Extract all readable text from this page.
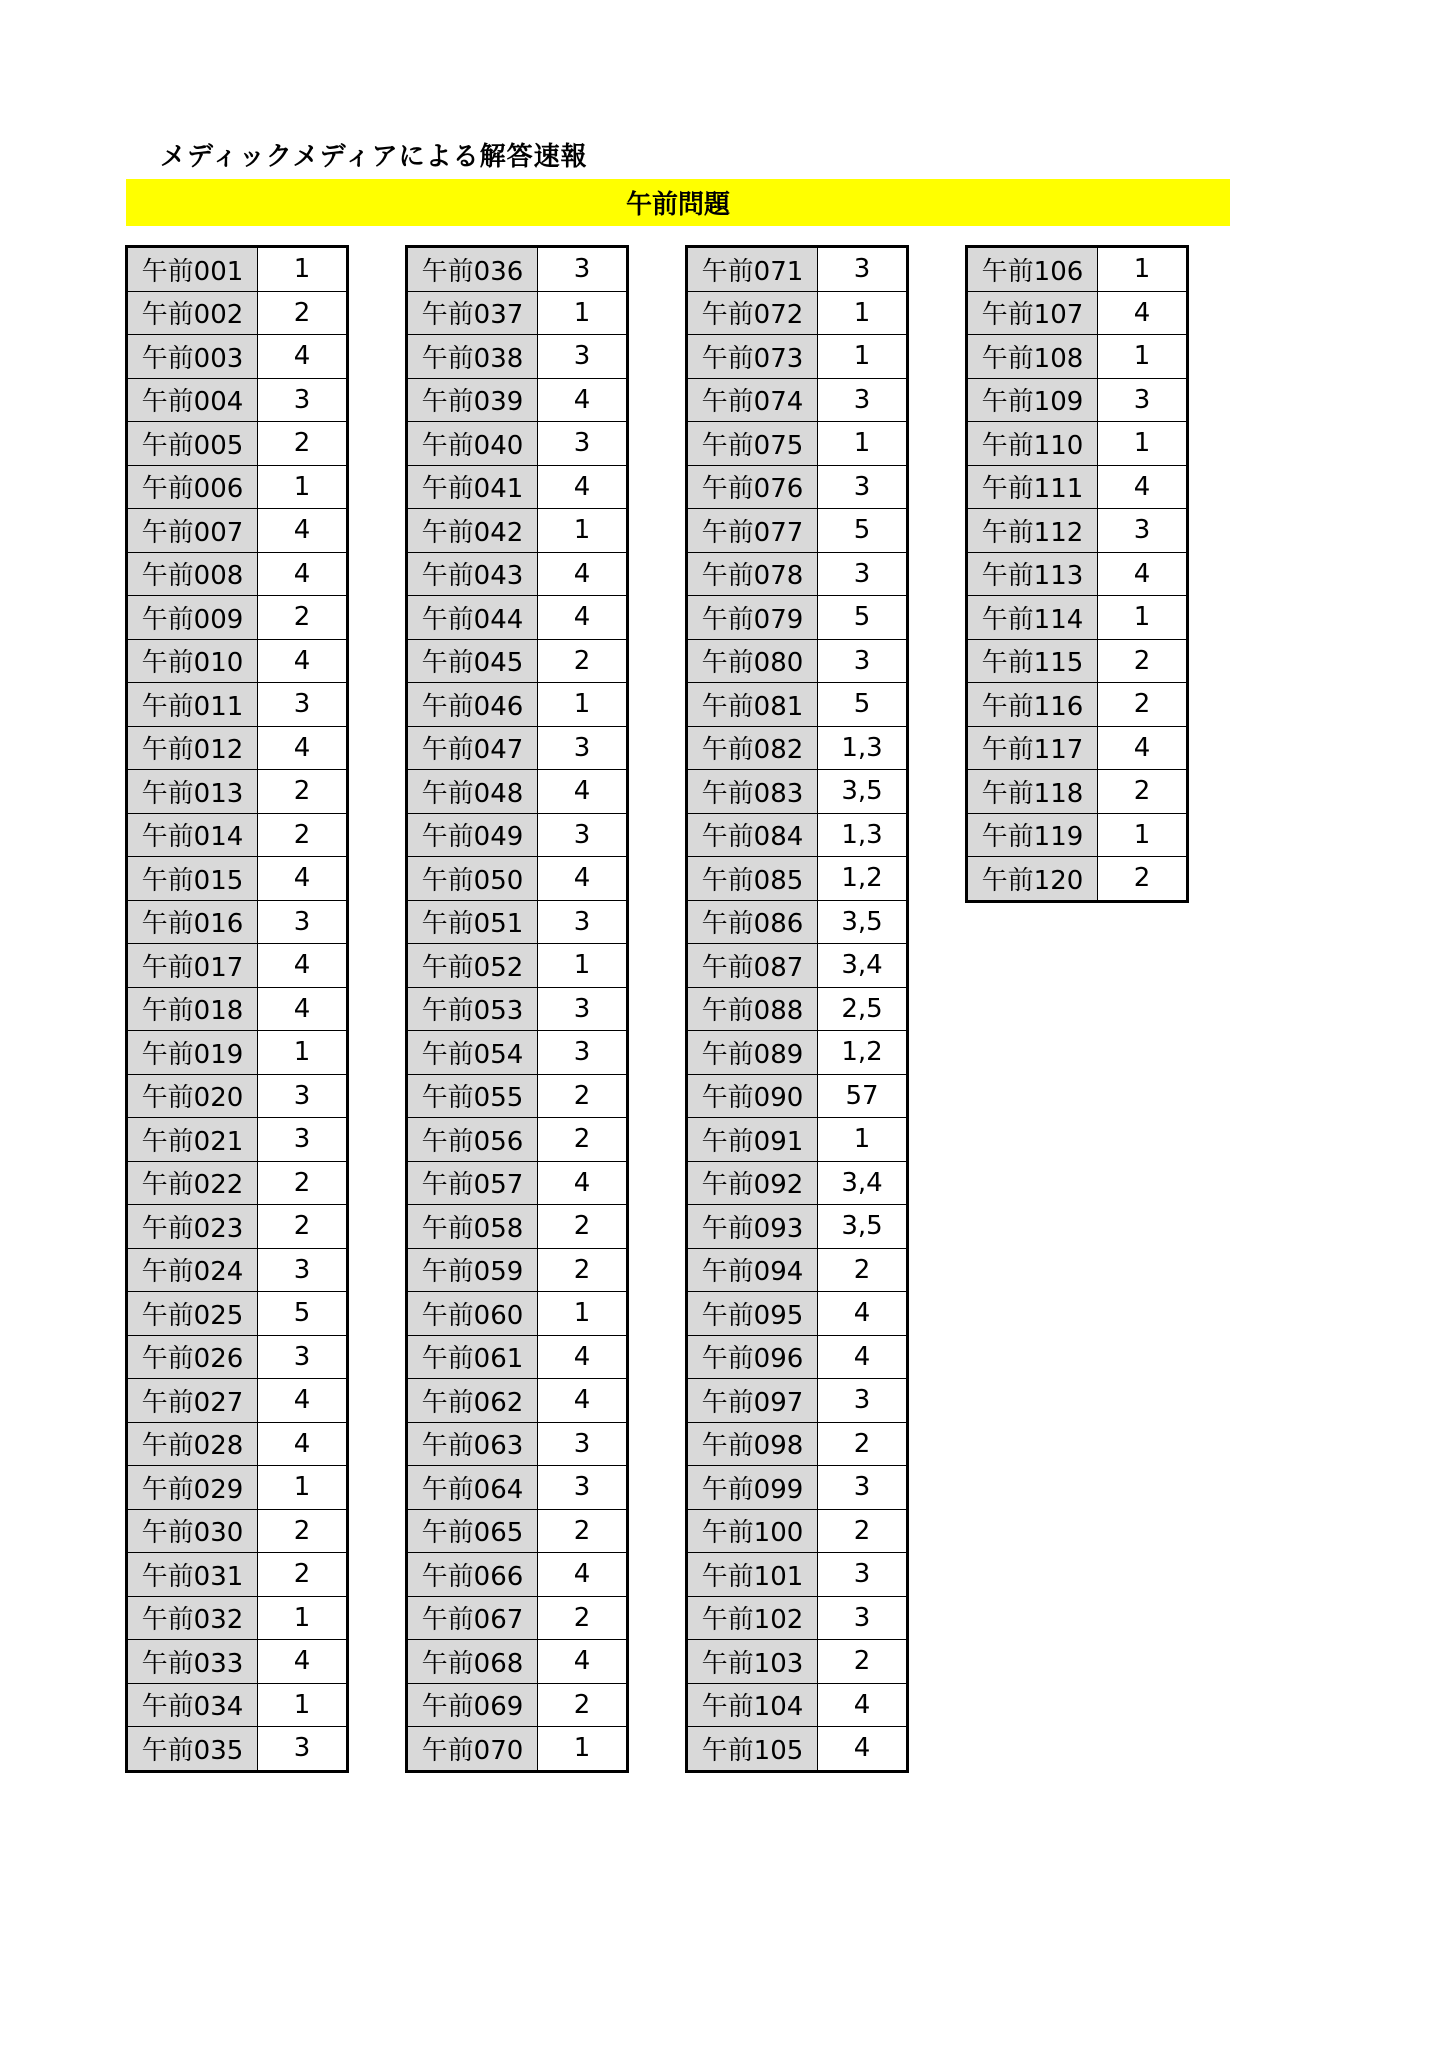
メディックメディアによる解答速報
午前問題
午前001	1
午前002	2
午前003	4
午前004	3
午前005	2
午前006	1
午前007	4
午前008	4
午前009	2
午前010	4
午前011	3
午前012	4
午前013	2
午前014	2
午前015	4
午前016	3
午前017	4
午前018	4
午前019	1
午前020	3
午前021	3
午前022	2
午前023	2
午前024	3
午前025	5
午前026	3
午前027	4
午前028	4
午前029	1
午前030	2
午前031	2
午前032	1
午前033	4
午前034	1
午前035	3
午前036	3
午前037	1
午前038	3
午前039	4
午前040	3
午前041	4
午前042	1
午前043	4
午前044	4
午前045	2
午前046	1
午前047	3
午前048	4
午前049	3
午前050	4
午前051	3
午前052	1
午前053	3
午前054	3
午前055	2
午前056	2
午前057	4
午前058	2
午前059	2
午前060	1
午前061	4
午前062	4
午前063	3
午前064	3
午前065	2
午前066	4
午前067	2
午前068	4
午前069	2
午前070	1
午前071	3
午前072	1
午前073	1
午前074	3
午前075	1
午前076	3
午前077	5
午前078	3
午前079	5
午前080	3
午前081	5
午前082	1,3
午前083	3,5
午前084	1,3
午前085	1,2
午前086	3,5
午前087	3,4
午前088	2,5
午前089	1,2
午前090	57
午前091	1
午前092	3,4
午前093	3,5
午前094	2
午前095	4
午前096	4
午前097	3
午前098	2
午前099	3
午前100	2
午前101	3
午前102	3
午前103	2
午前104	4
午前105	4
午前106	1
午前107	4
午前108	1
午前109	3
午前110	1
午前111	4
午前112	3
午前113	4
午前114	1
午前115	2
午前116	2
午前117	4
午前118	2
午前119	1
午前120	2
